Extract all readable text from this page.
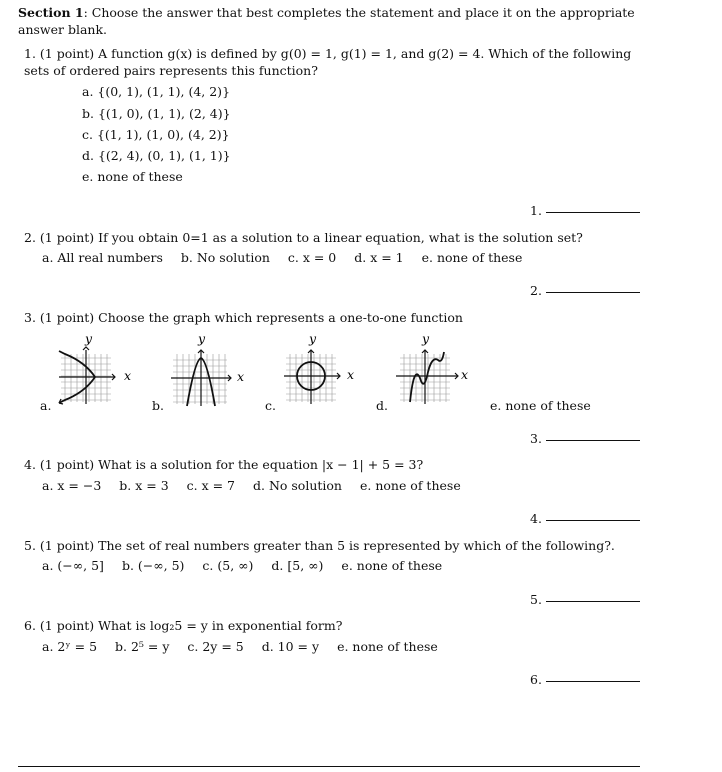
Section 1: Choose the answer that best completes the statement and place it on the appropriate answer blank.
1. (1 point) A function g(x) is defined by g(0) = 1, g(1) = 1, and g(2) = 4. Which of the following sets of ordered pairs represents this function?
a. {(0, 1), (1, 1), (4, 2)}
b. {(1, 0), (1, 1), (2, 4)}
c. {(1, 1), (1, 0), (4, 2)}
d. {(2, 4), (0, 1), (1, 1)}
e. none of these
1.
2. (1 point) If you obtain 0=1 as a solution to a linear equation, what is the solution set?
a. All real numbers b. No solution c. x = 0 d. x = 1 e. none of these
2.
3. (1 point) Choose the graph which represents a one-to-one function
y
x
a.
y
x
b.
y
x
c.
y
x
d.	e. none of these
3.
4. (1 point) What is a solution for the equation |x − 1| + 5 = 3?
a. x = −3 b. x = 3 c. x = 7 d. No solution e. none of these
4.
5. (1 point) The set of real numbers greater than 5 is represented by which of the following?.
a. (−∞, 5] b. (−∞, 5) c. (5, ∞) d. [5, ∞) e. none of these
5.
6. (1 point) What is log₂5 = y in exponential form?
a. 2ʸ = 5 b. 2⁵ = y c. 2y = 5 d. 10 = y e. none of these
6.
